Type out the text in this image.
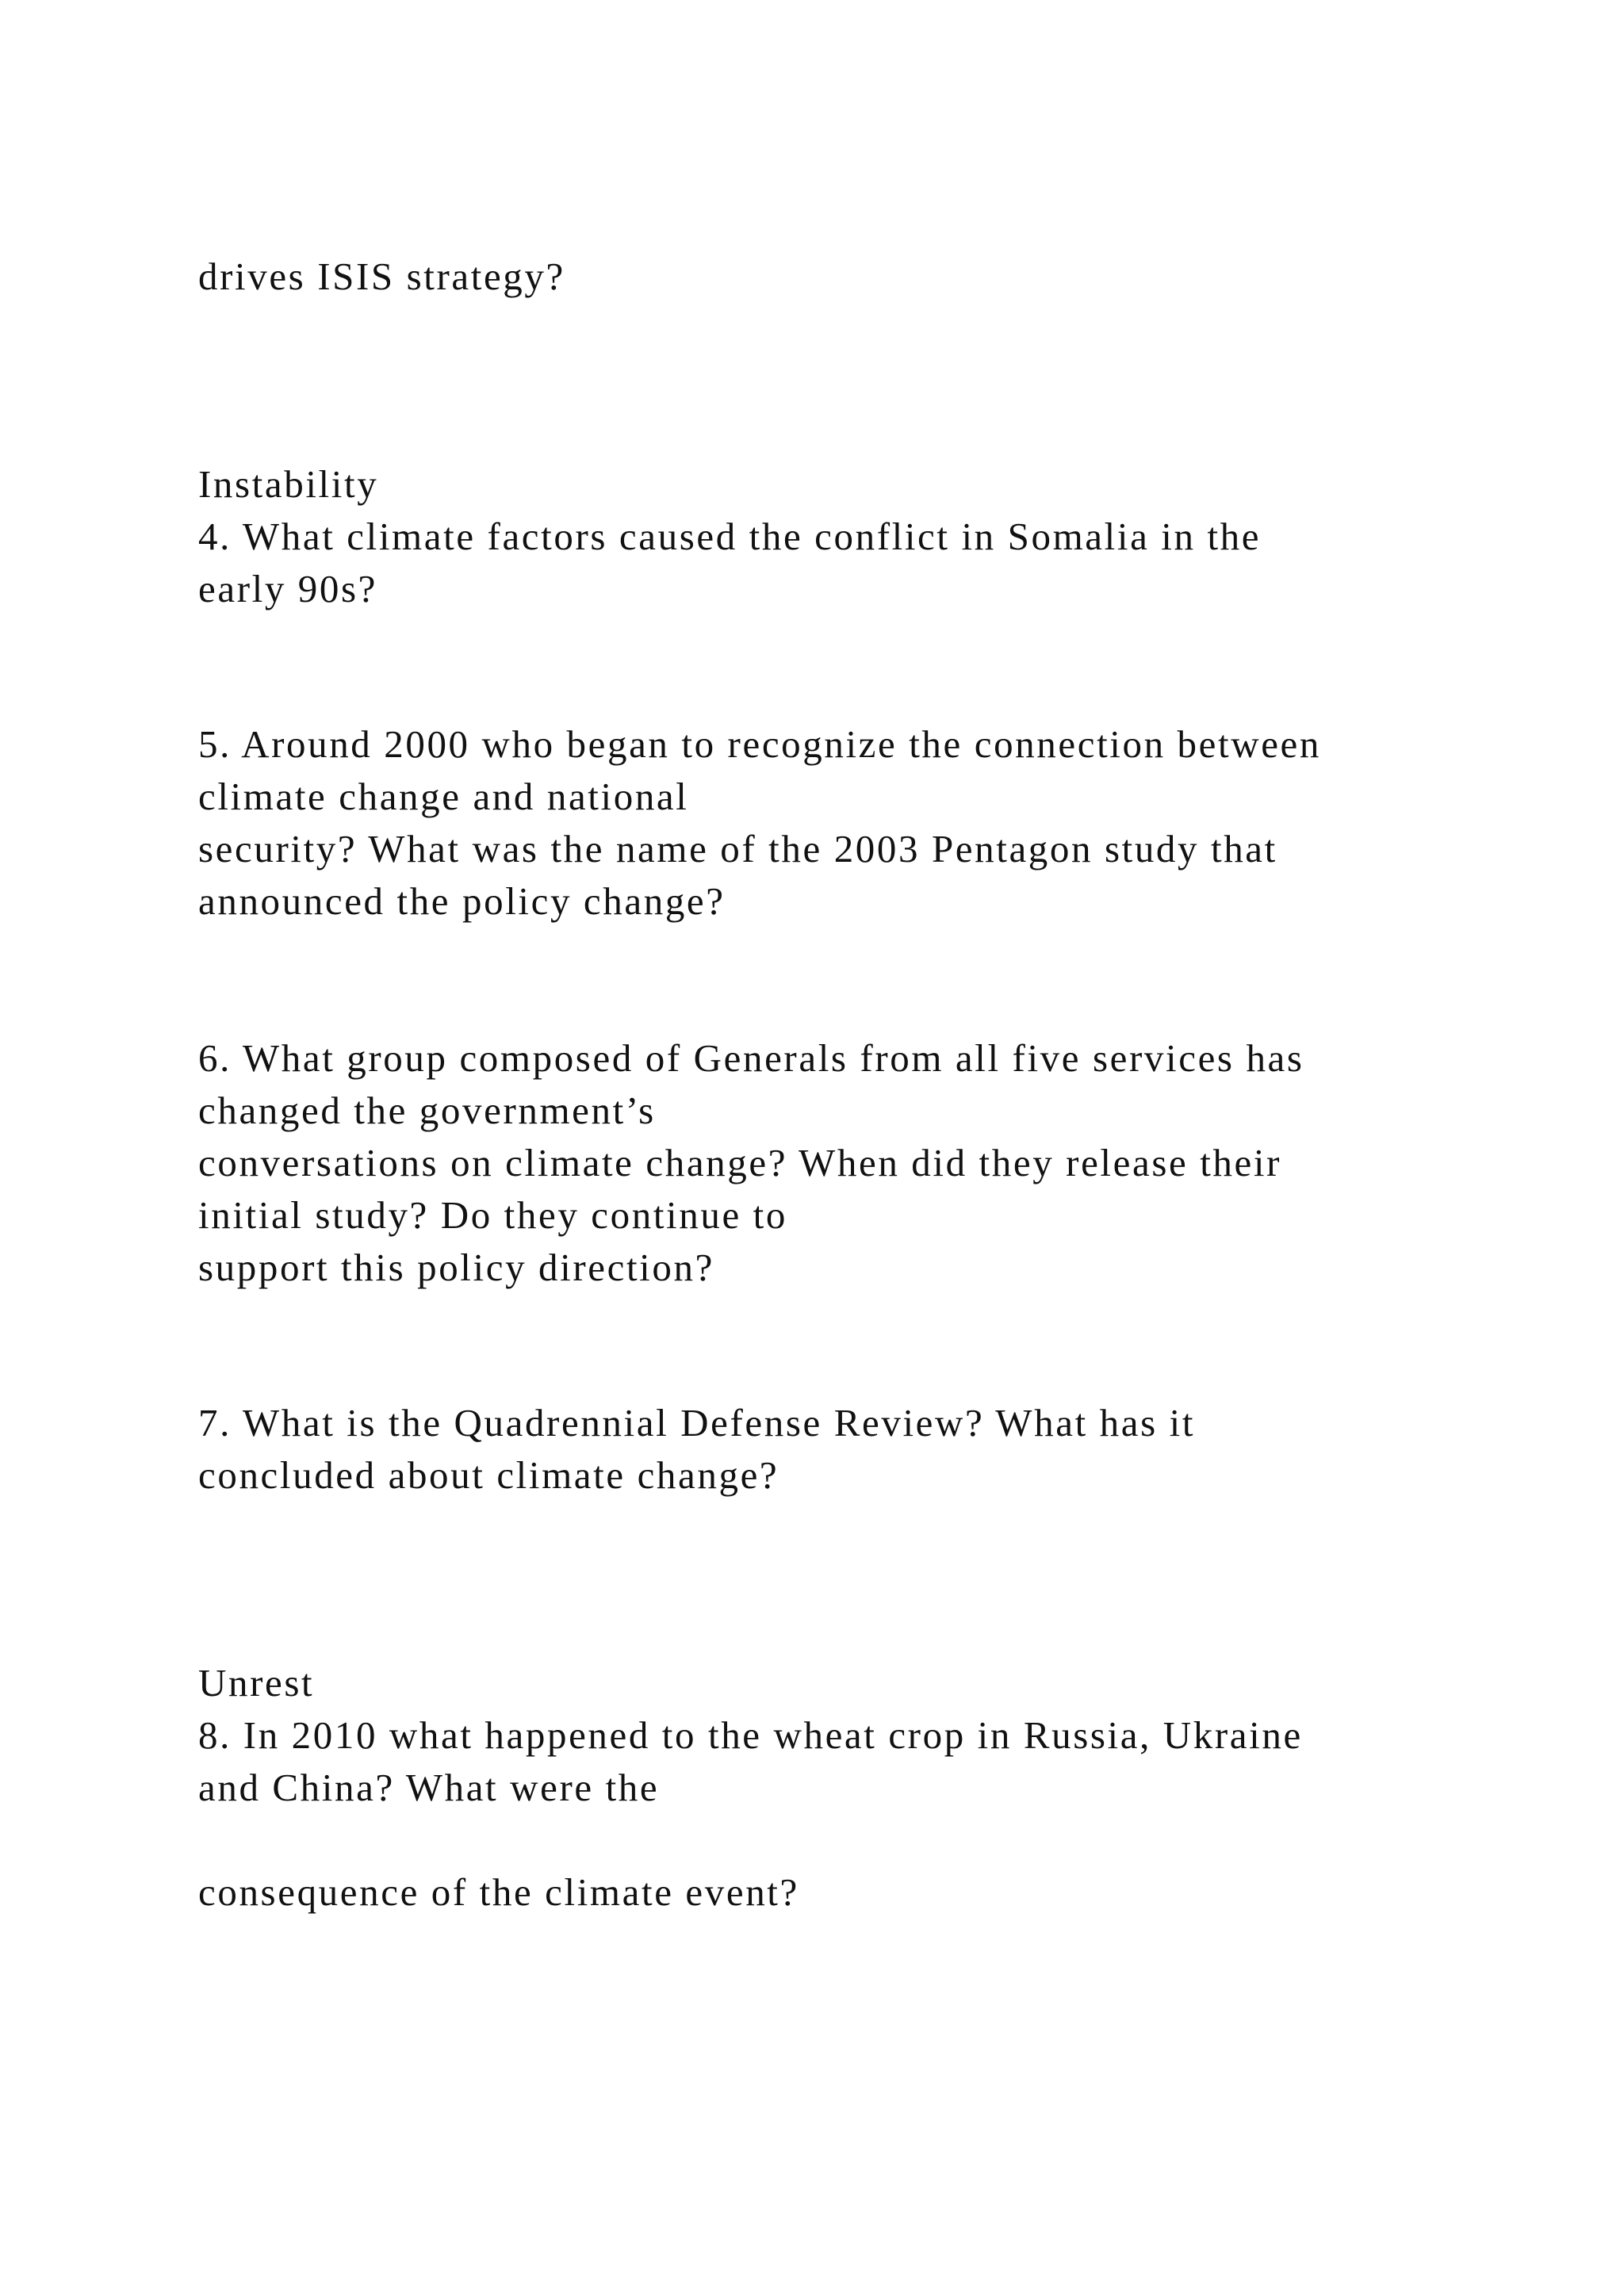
drives ISIS strategy?

Instability

4. What climate factors caused the conflict in Somalia in the

early 90s?

5. Around 2000 who began to recognize the connection between

climate change and national

security? What was the name of the 2003 Pentagon study that

announced the policy change?

6. What group composed of Generals from all five services has

changed the government’s

conversations on climate change? When did they release their

initial study? Do they continue to

support this policy direction?

7. What is the Quadrennial Defense Review? What has it

concluded about climate change?

Unrest

8. In 2010 what happened to the wheat crop in Russia, Ukraine

and China? What were the

consequence of the climate event?
